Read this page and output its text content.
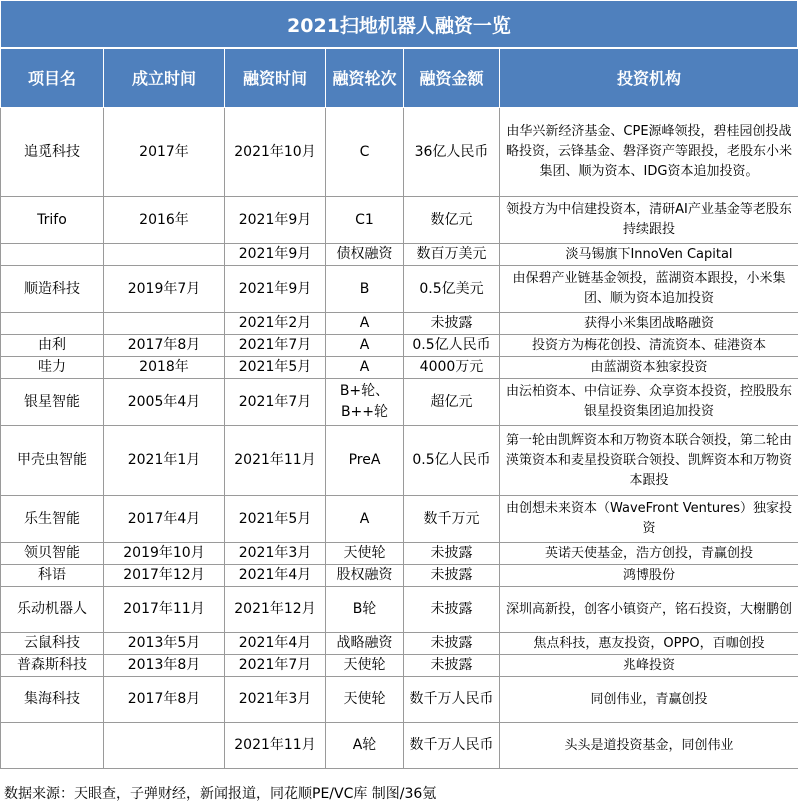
2021扫地机器人融资一览
项目名	成立时间	融资时间	融资轮次	融资金额	投资机构
追觅科技	2017年	2021年10月	C	36亿人民币	由华兴新经济基金、CPE源峰领投，碧桂园创投战略投资，云锋基金、磐泽资产等跟投，老股东小米集团、顺为资本、IDG资本追加投资。
Trifo	2016年	2021年9月	C1	数亿元	领投方为中信建投资本，清研AI产业基金等老股东持续跟投
		2021年9月	债权融资	数百万美元	淡马锡旗下InnoVen Capital
顺造科技	2019年7月	2021年9月	B	0.5亿美元	由保碧产业链基金领投，蓝湖资本跟投，小米集团、顺为资本追加投资
		2021年2月	A	未披露	获得小米集团战略融资
由利	2017年8月	2021年7月	A	0.5亿人民币	投资方为梅花创投、清流资本、硅港资本
哇力	2018年	2021年5月	A	4000万元	由蓝湖资本独家投资
银星智能	2005年4月	2021年7月	B+轮、B++轮	超亿元	由沄柏资本、中信证券、众享资本投资，控股股东银星投资集团追加投资
甲壳虫智能	2021年1月	2021年11月	PreA	0.5亿人民币	第一轮由凯辉资本和万物资本联合领投，第二轮由渶策资本和麦星投资联合领投、凯辉资本和万物资本跟投
乐生智能	2017年4月	2021年5月	A	数千万元	由创想未来资本（WaveFront Ventures）独家投资
领贝智能	2019年10月	2021年3月	天使轮	未披露	英诺天使基金，浩方创投，青赢创投
科语	2017年12月	2021年4月	股权融资	未披露	鸿博股份
乐动机器人	2017年11月	2021年12月	B轮	未披露	深圳高新投，创客小镇资产，铭石投资，大榭鹏创
云鼠科技	2013年5月	2021年4月	战略融资	未披露	焦点科技，惠友投资，OPPO，百咖创投
普森斯科技	2013年8月	2021年7月	天使轮	未披露	兆峰投资
集海科技	2017年8月	2021年3月	天使轮	数千万人民币	同创伟业，青赢创投
		2021年11月	A轮	数千万人民币	头头是道投资基金，同创伟业
数据来源：天眼查，子弹财经，新闻报道，同花顺PE/VC库 制图/36氪
